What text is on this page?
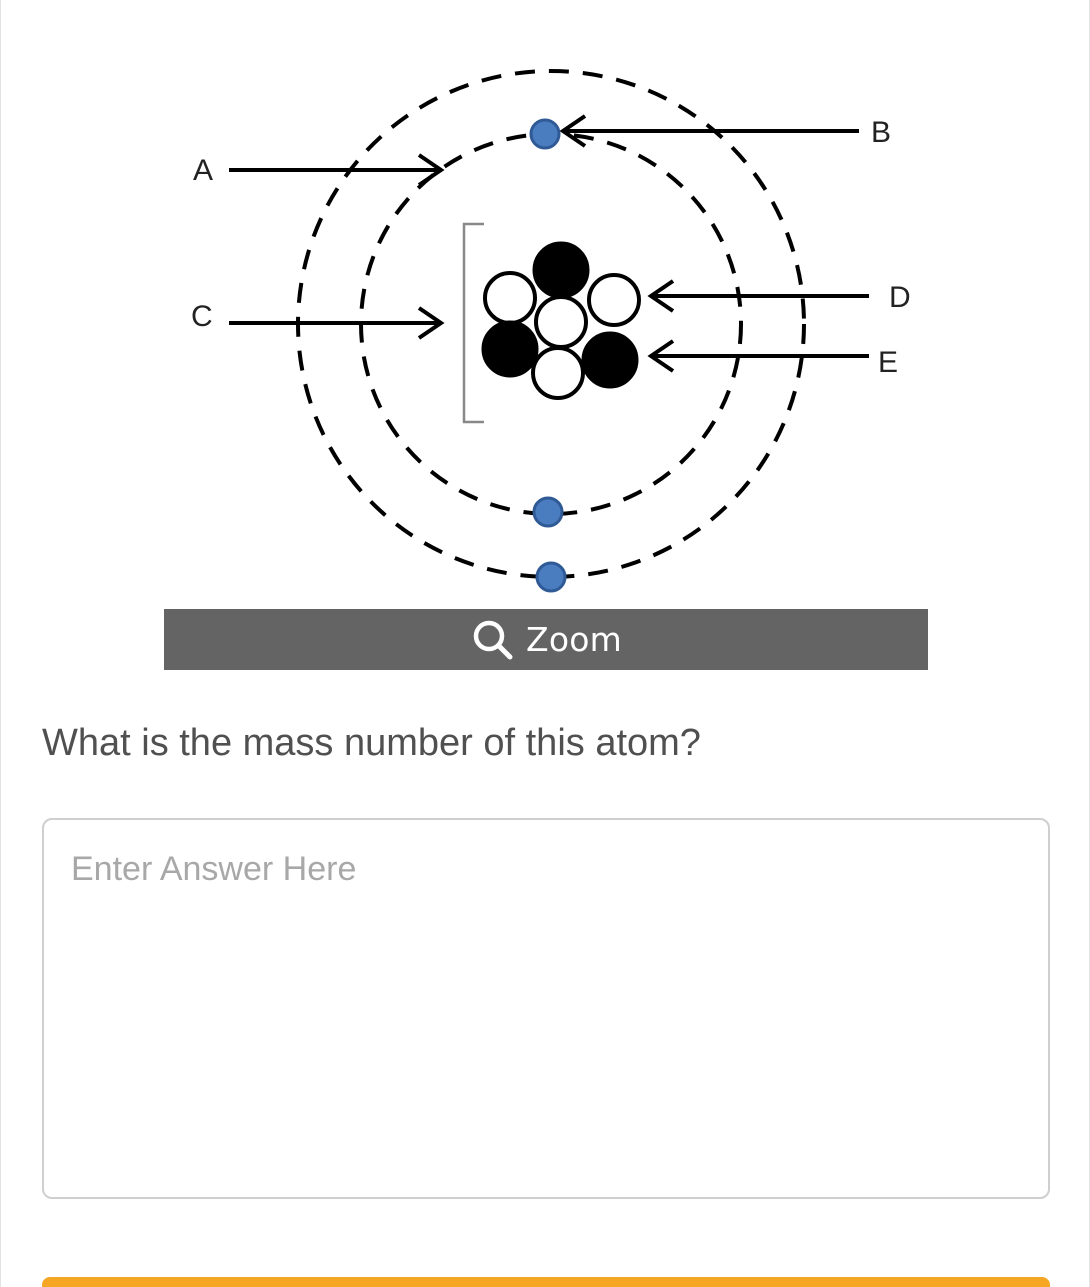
A
B
C
D
E
Zoom
What is the mass number of this atom?
Enter Answer Here
